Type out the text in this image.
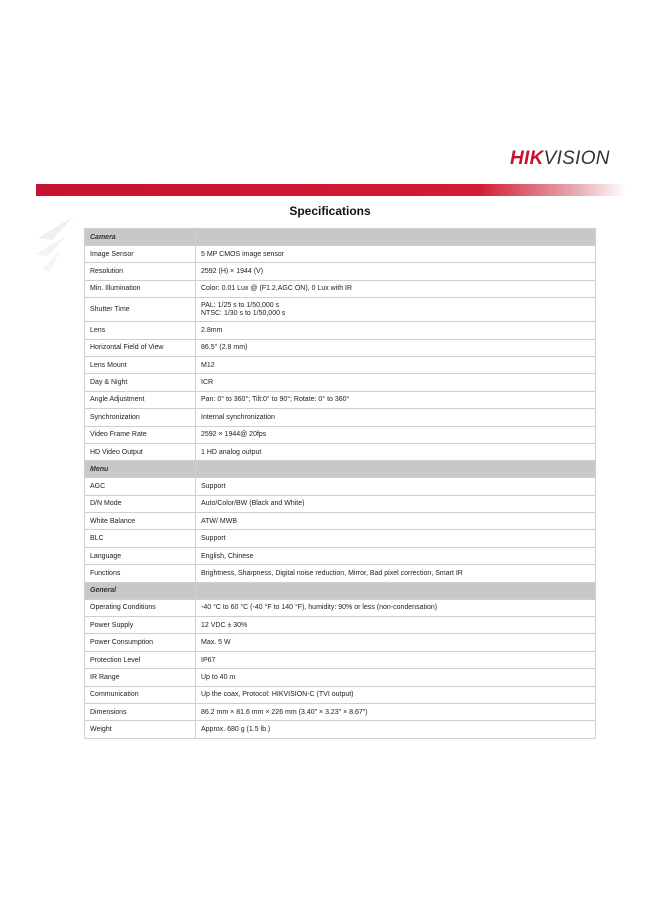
HIKVISION
Specifications
Camera	
Image Sensor	5 MP CMOS image sensor

Resolution	2592 (H) × 1944 (V)

Min. Illumination	Color: 0.01 Lux @ (F1.2,AGC ON), 0 Lux with IR

Shutter Time	PAL: 1/25 s to 1/50,000 s
NTSC: 1/30 s to 1/50,000 s

Lens	2.8mm

Horizontal Field of View	86.5° (2.8 mm)

Lens Mount	M12

Day & Night	ICR

Angle Adjustment	Pan: 0° to 360°; Tilt:0° to 90°; Rotate: 0° to 360°

Synchronization	Internal synchronization

Video Frame Rate	2592 × 1944@ 20fps

HD Video Output	1 HD analog output

Menu	
AGC	Support

D/N Mode	Auto/Color/BW (Black and White)

White Balance	ATW/ MWB

BLC	Support

Language	English, Chinese

Functions	Brightness, Sharpness, Digital noise reduction, Mirror, Bad pixel correction, Smart IR

General	
Operating Conditions	-40 °C to 60 °C (-40 °F to 140 °F), humidity: 90% or less (non-condensation)

Power Supply	12 VDC ± 30%

Power Consumption	Max. 5 W

Protection Level	IP67

IR Range	Up to 40 m

Communication	Up the coax, Protocol: HIKVISION-C (TVI output)

Dimensions	86.2 mm × 81.6 mm × 226 mm (3.40" × 3.23" × 8.67")

Weight	Approx. 680 g (1.5 lb.)
